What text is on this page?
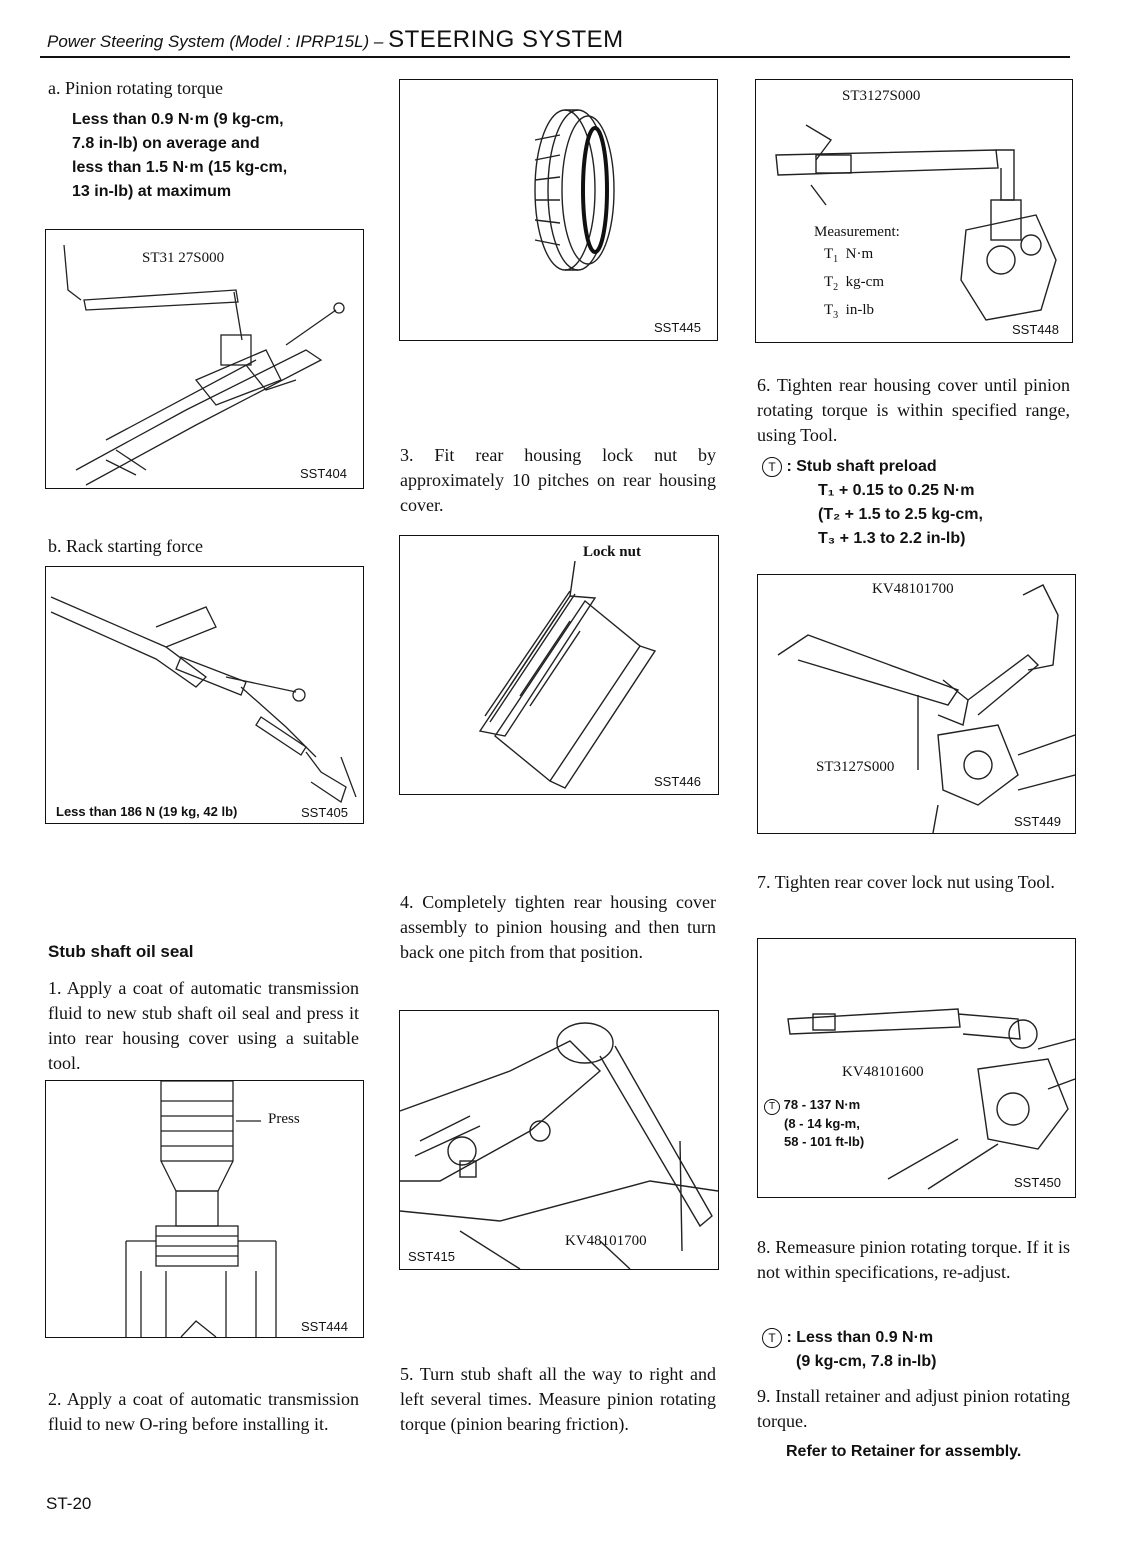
Power Steering System (Model : IPRP15L) – STEERING SYSTEM
a. Pinion rotating torque
Less than 0.9 N·m (9 kg-cm,
7.8 in-lb) on average and
less than 1.5 N·m (15 kg-cm,
13 in-lb) at maximum
ST31 27S000
SST404
b. Rack starting force
Less than 186 N (19 kg, 42 lb)	SST405
Stub shaft oil seal
1. Apply a coat of automatic transmission fluid to new stub shaft oil seal and press it into rear housing cover using a suitable tool.
Press
SST444
2. Apply a coat of automatic transmission fluid to new O-ring before installing it.
SST445
3. Fit rear housing lock nut by approximately 10 pitches on rear housing cover.
Lock nut
SST446
4. Completely tighten rear housing cover assembly to pinion housing and then turn back one pitch from that position.
SST415
KV48101700
5. Turn stub shaft all the way to right and left several times. Measure pinion rotating torque (pinion bearing friction).
ST3127S000
Measurement:
$T_1$ N·m
$T_2$ kg-cm
$T_3$ in-lb
SST448
6. Tighten rear housing cover until pinion rotating torque is within specified range, using Tool.
T : Stub shaft preload
T₁ + 0.15 to 0.25 N·m
(T₂ + 1.5 to 2.5 kg-cm,
T₃ + 1.3 to 2.2 in-lb)
KV48101700
ST3127S000
SST449
7. Tighten rear cover lock nut using Tool.
KV48101600
T 78 - 137 N·m
(8 - 14 kg-m,
58 - 101 ft-lb)
SST450
8. Remeasure pinion rotating torque. If it is not within specifications, re-adjust.
T : Less than 0.9 N·m
(9 kg-cm, 7.8 in-lb)
9. Install retainer and adjust pinion rotating torque.
Refer to Retainer for assembly.
ST-20
